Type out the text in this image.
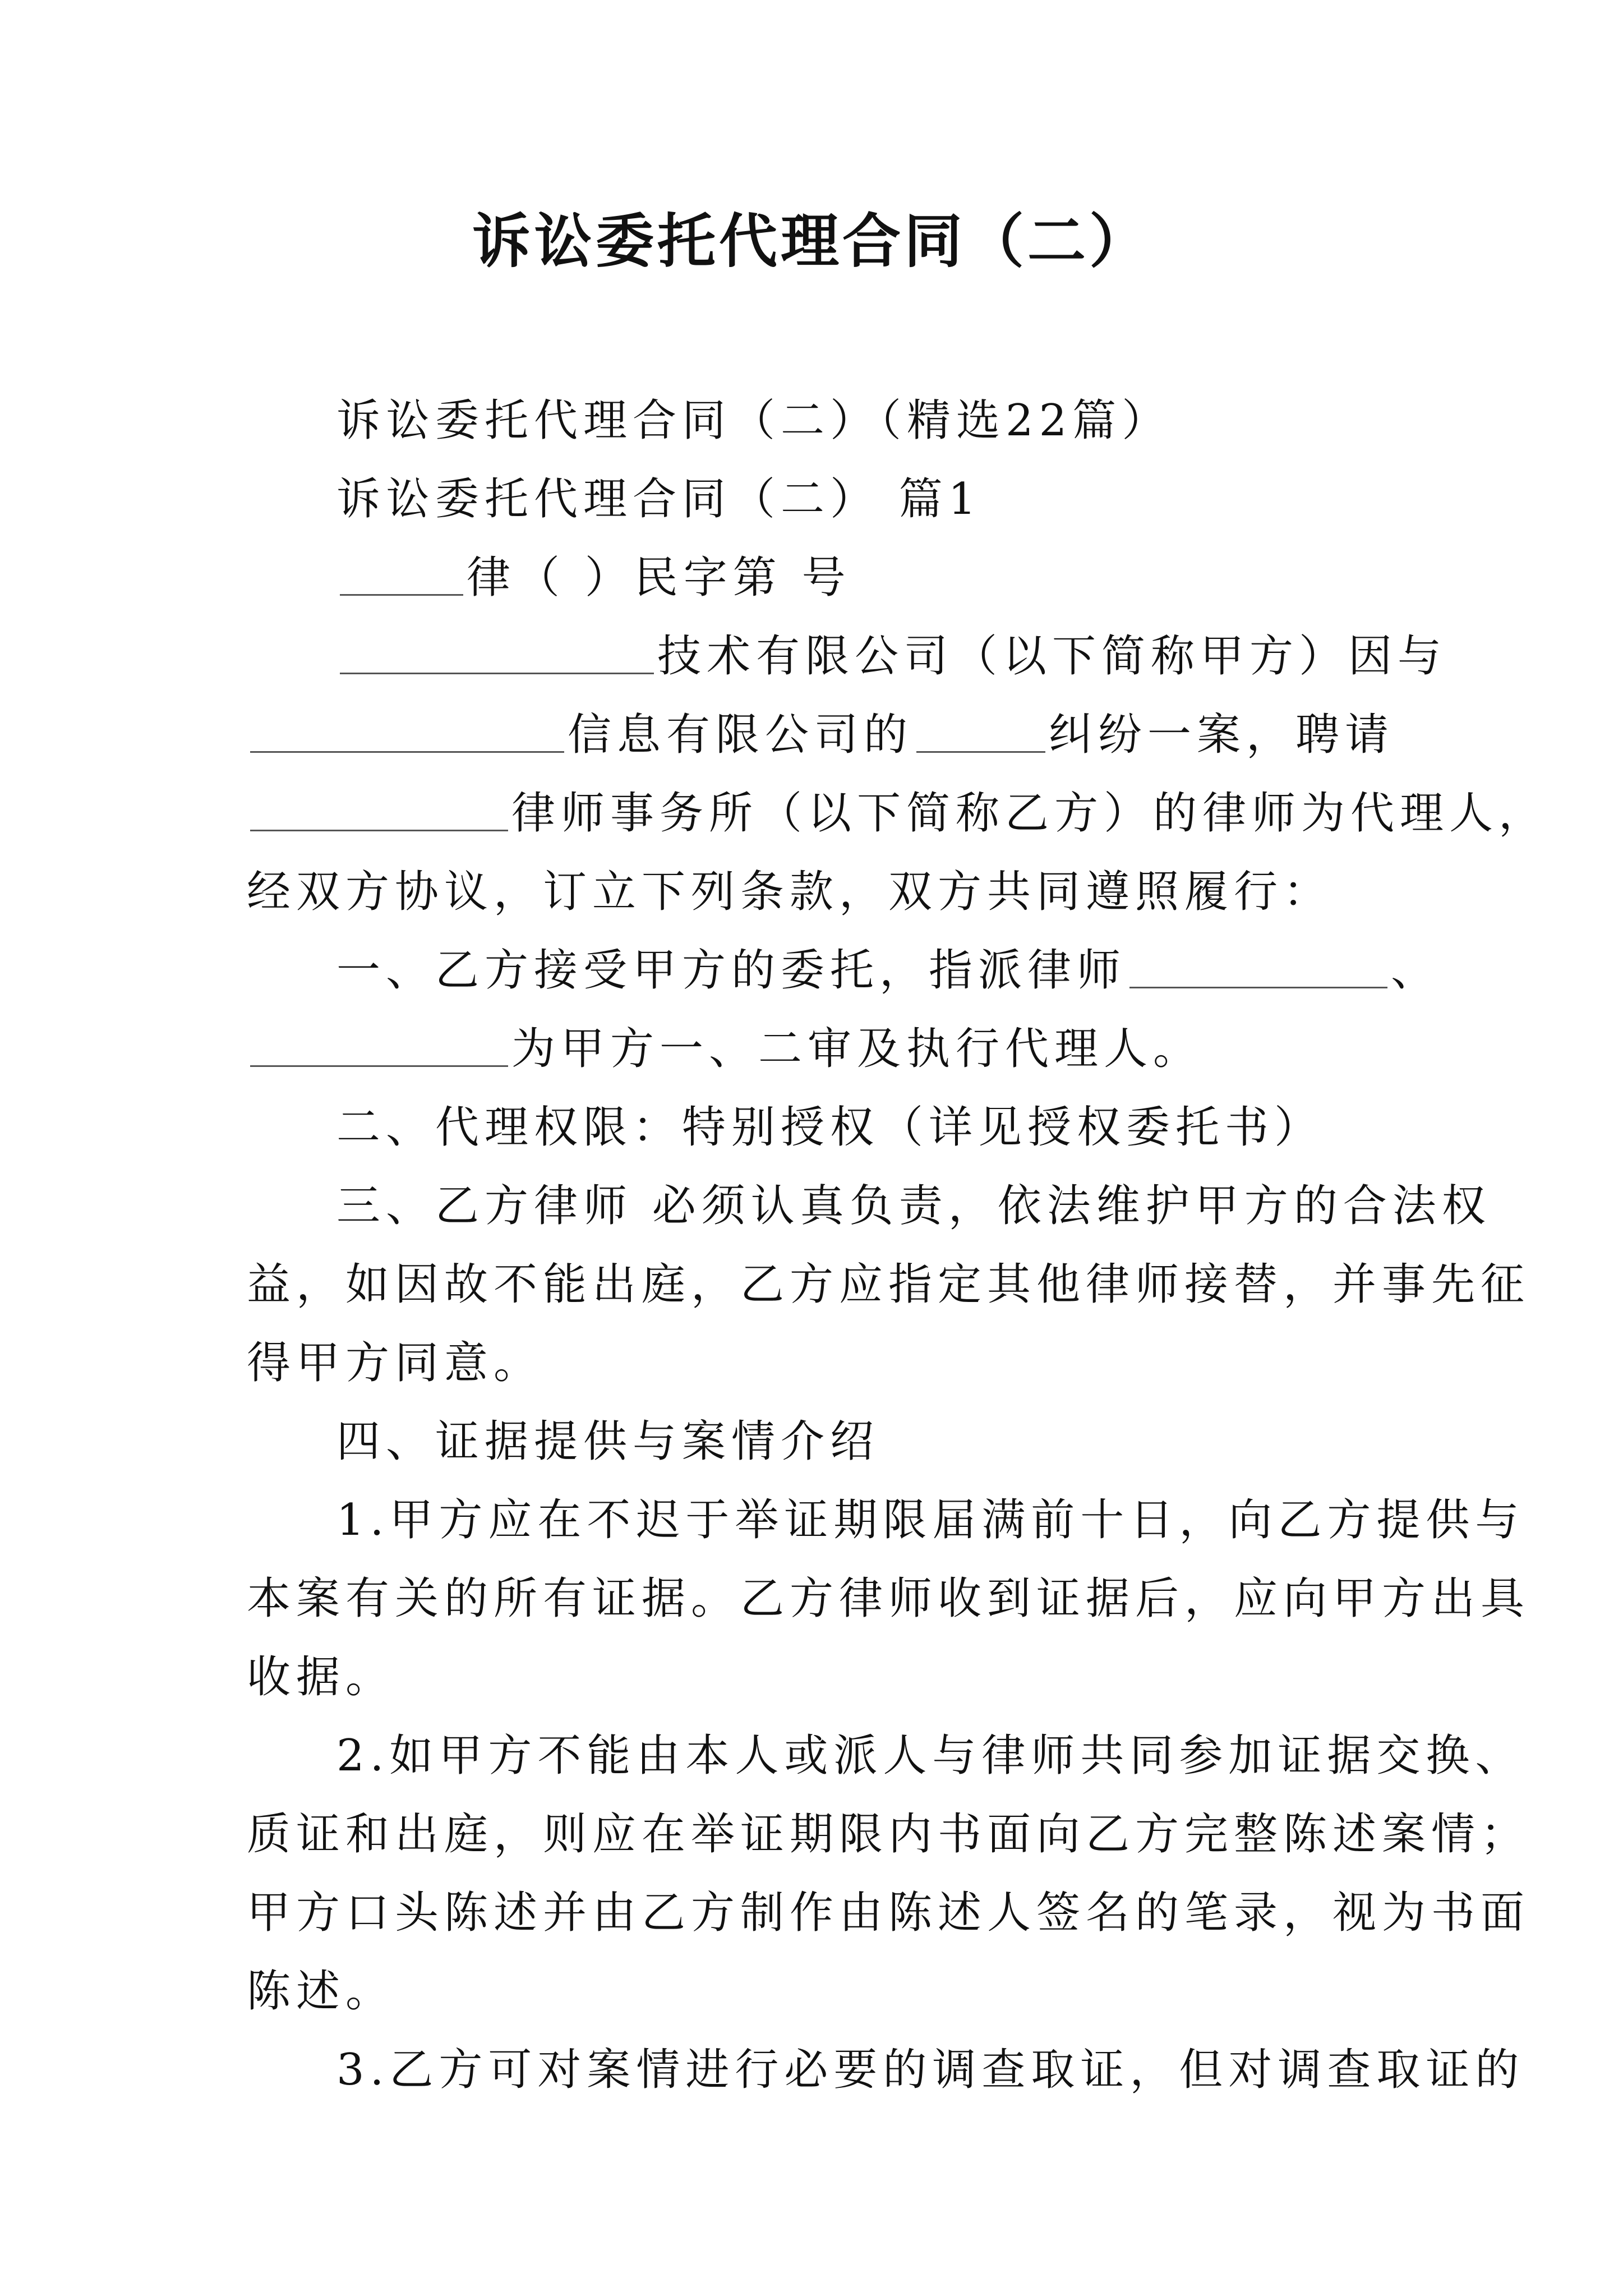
诉讼委托代理合同（二）
诉讼委托代理合同（二）（精选22篇）
诉讼委托代理合同（二） 篇1
律（ ）民字第 号
技术有限公司（以下简称甲方）因与
信息有限公司的	纠纷一案，聘请
律师事务所（以下简称乙方）的律师为代理人，
经双方协议，订立下列条款，双方共同遵照履行：
一、乙方接受甲方的委托，指派律师	、
为甲方一、二审及执行代理人。
二、代理权限：特别授权（详见授权委托书）
三、乙方律师 必须认真负责，依法维护甲方的合法权
益，如因故不能出庭，乙方应指定其他律师接替，并事先征
得甲方同意。
四、证据提供与案情介绍
1.甲方应在不迟于举证期限届满前十日，向乙方提供与
本案有关的所有证据。乙方律师收到证据后，应向甲方出具
收据。
2.如甲方不能由本人或派人与律师共同参加证据交换、
质证和出庭，则应在举证期限内书面向乙方完整陈述案情；
甲方口头陈述并由乙方制作由陈述人签名的笔录，视为书面
陈述。
3.乙方可对案情进行必要的调查取证，但对调查取证的
